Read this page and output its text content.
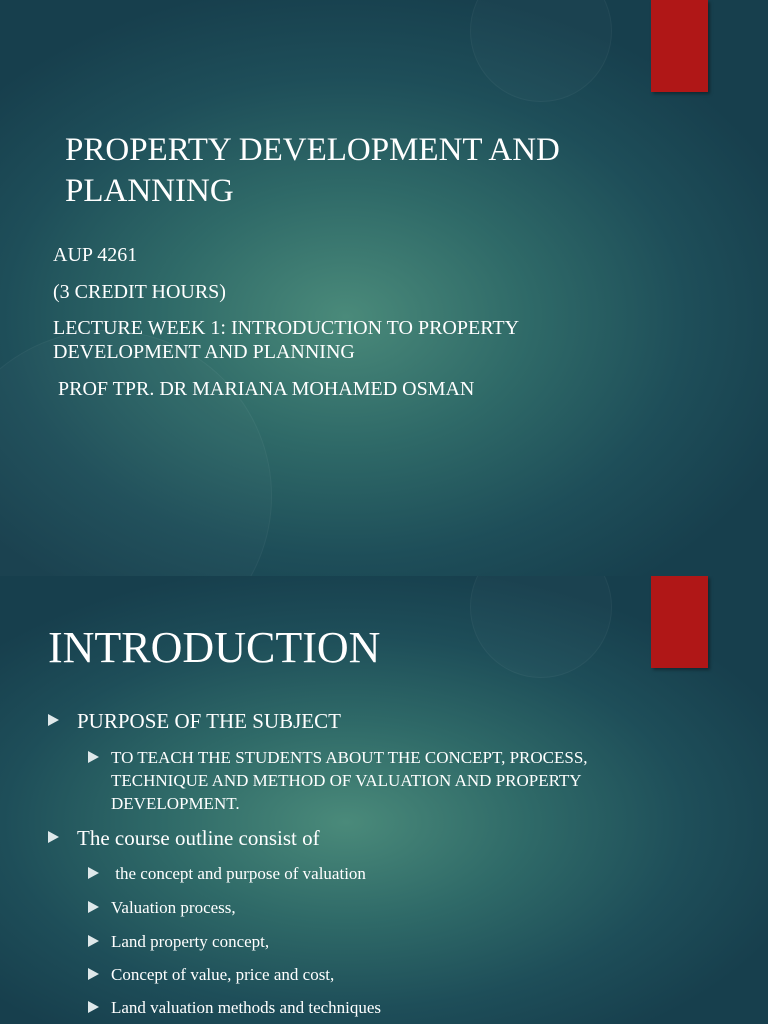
PROPERTY DEVELOPMENT AND PLANNING
AUP 4261
(3 CREDIT HOURS)
LECTURE WEEK 1: INTRODUCTION TO PROPERTY DEVELOPMENT AND PLANNING
PROF TPR. DR MARIANA MOHAMED OSMAN
INTRODUCTION
PURPOSE OF THE SUBJECT
TO TEACH THE STUDENTS ABOUT THE CONCEPT, PROCESS, TECHNIQUE AND METHOD OF VALUATION AND PROPERTY DEVELOPMENT.
The course outline consist of
the concept and purpose of valuation
Valuation process,
Land property concept,
Concept of value, price and cost,
Land valuation methods and techniques
